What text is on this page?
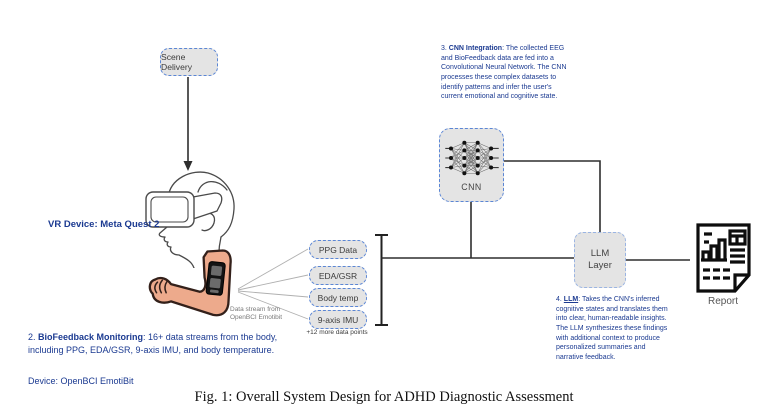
Scene Delivery
VR Device: Meta Quest 2
Data stream from OpenBCI Emotibit
PPG Data
EDA/GSR
Body temp
9-axis IMU
+12 more data points
CNN
LLM
Layer
Report
3. CNN Integration: The collected EEG and BioFeedback data are fed into a Convolutional Neural Network. The CNN processes these complex datasets to identify patterns and infer the user's current emotional and cognitive state.
4. LLM: Takes the CNN's inferred cognitive states and translates them into clear, human-readable insights. The LLM synthesizes these findings with additional context to produce personalized summaries and narrative feedback.
2. BioFeedback Monitoring: 16+ data streams from the body, including PPG, EDA/GSR, 9-axis IMU, and body temperature.
Device: OpenBCI EmotiBit
Fig. 1: Overall System Design for ADHD Diagnostic Assessment
